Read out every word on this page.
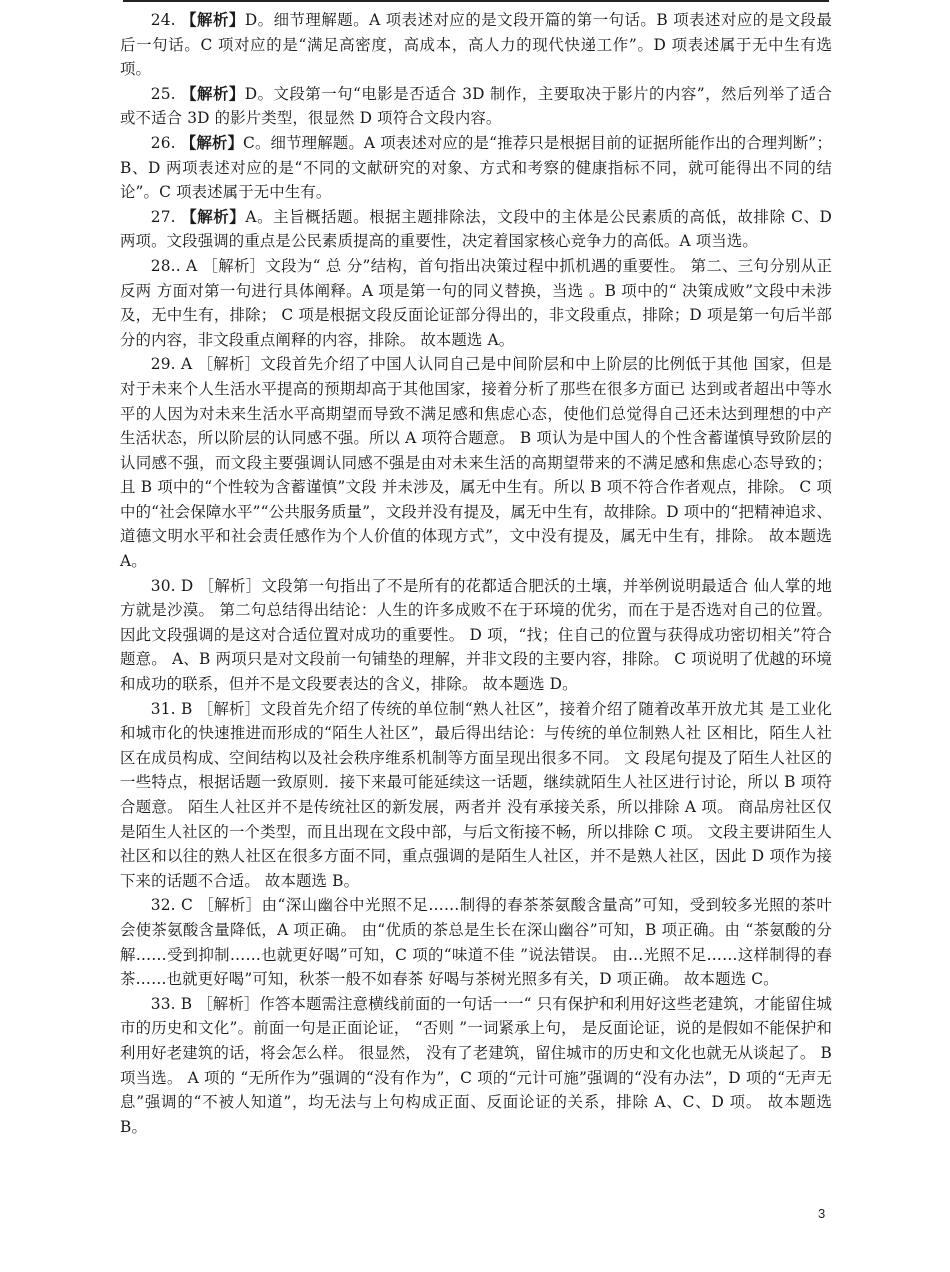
24. 【解析】D。细节理解题。A 项表述对应的是文段开篇的第一句话。B 项表述对应的是文段最后一句话。C 项对应的是“满足高密度，高成本，高人力的现代快递工作”。D 项表述属于无中生有选项。

25. 【解析】D。文段第一句“电影是否适合 3D 制作，主要取决于影片的内容”，然后列举了适合或不适合 3D 的影片类型，很显然 D 项符合文段内容。

26. 【解析】C。细节理解题。A 项表述对应的是“推荐只是根据目前的证据所能作出的合理判断”；B、D 两项表述对应的是“不同的文献研究的对象、方式和考察的健康指标不同，就可能得出不同的结论”。C 项表述属于无中生有。

27. 【解析】A。主旨概括题。根据主题排除法，文段中的主体是公民素质的高低，故排除 C、D 两项。文段强调的重点是公民素质提高的重要性，决定着国家核心竞争力的高低。A 项当选。

28.. A ［解析］文段为“ 总 分”结构，首句指出决策过程中抓机遇的重要性。 第二、三句分别从正反两 方面对第一句进行具体阐释。A 项是第一句的同义替换，当选 。B 项中的“ 决策成败”文段中未涉及，无中生有，排除； C 项是根据文段反面论证部分得出的，非文段重点，排除；D 项是第一句后半部分的内容，非文段重点阐释的内容，排除。 故本题选 A。

29. A ［解析］文段首先介绍了中国人认同自己是中间阶层和中上阶层的比例低于其他 国家，但是对于未来个人生活水平提高的预期却高于其他国家，接着分析了那些在很多方面已 达到或者超出中等水平的人因为对未来生活水平高期望而导致不满足感和焦虑心态，使他们总觉得自己还未达到理想的中产生活状态，所以阶层的认同感不强。所以 A 项符合题意。 B 项认为是中国人的个性含蓄谨慎导致阶层的认同感不强，而文段主要强调认同感不强是由对未来生活的高期望带来的不满足感和焦虑心态导致的；且 B 项中的“个性较为含蓄谨慎”文段 并未涉及，属无中生有。所以 B 项不符合作者观点，排除。 C 项中的“社会保障水平”“公共服务质量”，文段并没有提及，属无中生有，故排除。D 项中的“把精神追求、道德文明水平和社会责任感作为个人价值的体现方式”，文中没有提及，属无中生有，排除。 故本题选 A。

30. D ［解析］文段第一句指出了不是所有的花都适合肥沃的土壤，并举例说明最适合 仙人掌的地方就是沙漠。 第二句总结得出结论：人生的许多成败不在于环境的优劣，而在于是否选对自己的位置。 因此文段强调的是这对合适位置对成功的重要性。 D 项，“找；住自己的位置与获得成功密切相关”符合题意。 A、B 两项只是对文段前一句铺垫的理解，并非文段的主要内容，排除。 C 项说明了优越的环境和成功的联系，但并不是文段要表达的含义，排除。 故本题选 D。

31. B ［解析］文段首先介绍了传统的单位制“熟人社区”，接着介绍了随着改革开放尤其 是工业化和城市化的快速推进而形成的“陌生人社区”，最后得出结论：与传统的单位制熟人社 区相比，陌生人社区在成员构成、空间结构以及社会秩序维系机制等方面呈现出很多不同。 文 段尾句提及了陌生人社区的一些特点，根据话题一致原则．接下来最可能延续这一话题，继续就陌生人社区进行讨论，所以 B 项符合题意。 陌生人社区并不是传统社区的新发展，两者并 没有承接关系，所以排除 A 项。 商品房社区仅是陌生人社区的一个类型，而且出现在文段中部，与后文衔接不畅，所以排除 C 项。 文段主要讲陌生人社区和以往的熟人社区在很多方面不同，重点强调的是陌生人社区，并不是熟人社区，因此 D 项作为接下来的话题不合适。 故本题选 B。

32. C ［解析］由“深山幽谷中光照不足……制得的春茶茶氨酸含量高”可知，受到较多光照的茶叶会使茶氨酸含量降低，A 项正确。 由“优质的茶总是生长在深山幽谷”可知，B 项正确。由 “茶氨酸的分解……受到抑制……也就更好喝”可知，C 项的“味道不佳 ”说法错误。 由…光照不足……这样制得的春茶……也就更好喝”可知，秋茶一般不如春茶 好喝与茶树光照多有关，D 项正确。 故本题选 C。

33. B ［解析］作答本题需注意横线前面的一句话一一“ 只有保护和利用好这些老建筑，才能留住城市的历史和文化”。前面一句是正面论证， “否则 ”一词紧承上句， 是反面论证，说的是假如不能保护和利用好老建筑的话，将会怎么样。 很显然， 没有了老建筑，留住城市的历史和文化也就无从谈起了。 B 项当选。 A 项的 “无所作为”强调的“没有作为”，C 项的“元计可施”强调的“没有办法”，D 项的“无声无息”强调的“不被人知道”，均无法与上句构成正面、反面论证的关系，排除 A、C、D 项。 故本题选 B。

3
